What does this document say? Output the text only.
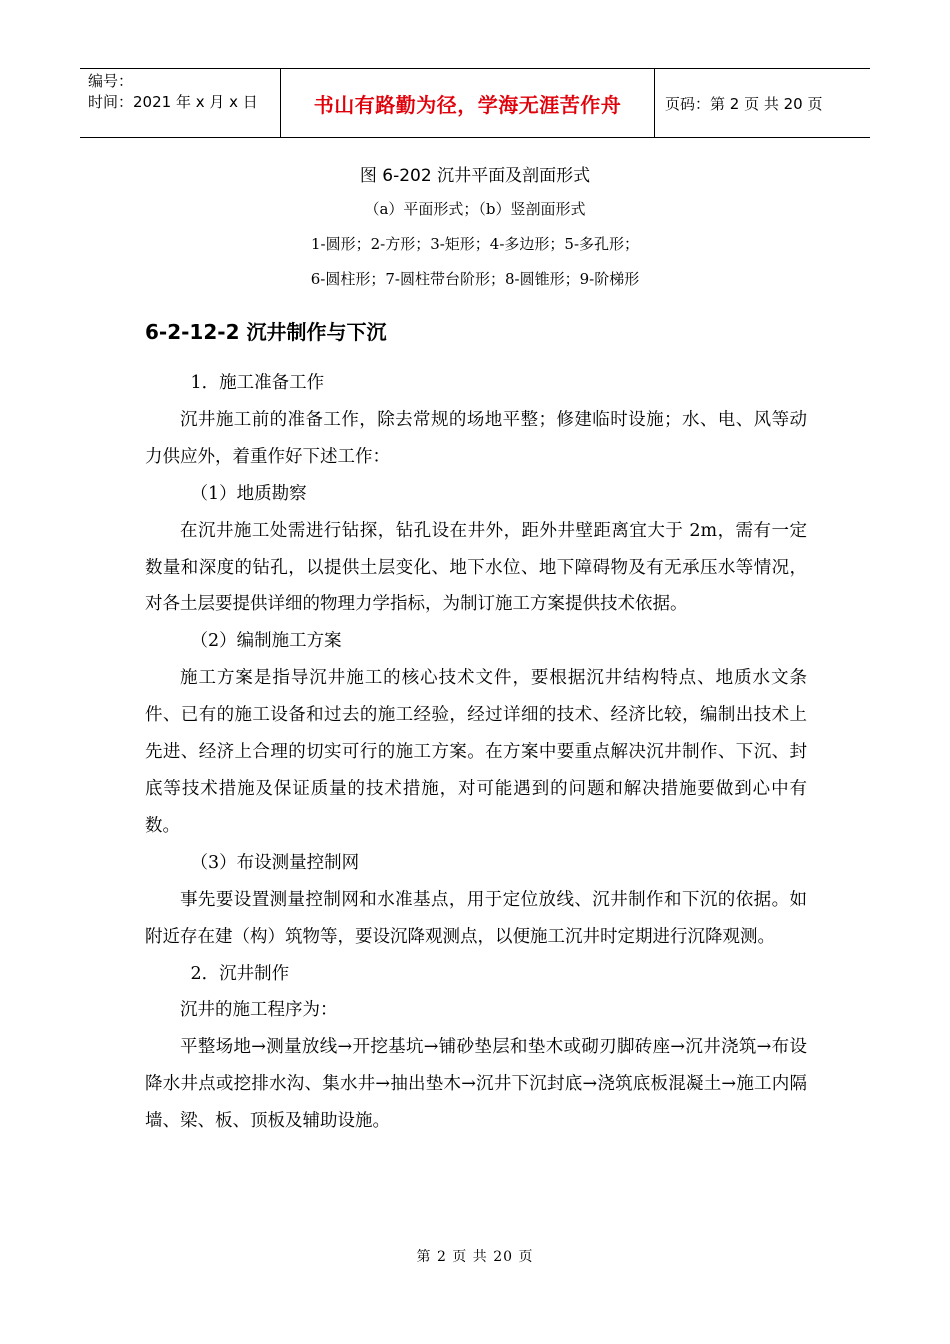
编号：
时间：2021 年 x 月 x 日	书山有路勤为径，学海无涯苦作舟	页码：第 2 页 共 20 页
图 6-202 沉井平面及剖面形式
（a）平面形式；（b）竖剖面形式
1-圆形；2-方形；3-矩形；4-多边形；5-多孔形；
6-圆柱形；7-圆柱带台阶形；8-圆锥形；9-阶梯形
6-2-12-2 沉井制作与下沉

1．施工准备工作

沉井施工前的准备工作，除去常规的场地平整；修建临时设施；水、电、风等动力供应外，着重作好下述工作：

（1）地质勘察

在沉井施工处需进行钻探，钻孔设在井外，距外井壁距离宜大于 2m，需有一定数量和深度的钻孔，以提供土层变化、地下水位、地下障碍物及有无承压水等情况，对各土层要提供详细的物理力学指标，为制订施工方案提供技术依据。

（2）编制施工方案

施工方案是指导沉井施工的核心技术文件，要根据沉井结构特点、地质水文条件、已有的施工设备和过去的施工经验，经过详细的技术、经济比较，编制出技术上先进、经济上合理的切实可行的施工方案。在方案中要重点解决沉井制作、下沉、封底等技术措施及保证质量的技术措施，对可能遇到的问题和解决措施要做到心中有数。

（3）布设测量控制网

事先要设置测量控制网和水准基点，用于定位放线、沉井制作和下沉的依据。如附近存在建（构）筑物等，要设沉降观测点，以便施工沉井时定期进行沉降观测。

2．沉井制作

沉井的施工程序为：

平整场地→测量放线→开挖基坑→铺砂垫层和垫木或砌刃脚砖座→沉井浇筑→布设降水井点或挖排水沟、集水井→抽出垫木→沉井下沉封底→浇筑底板混凝土→施工内隔墙、梁、板、顶板及辅助设施。

第 2 页 共 20 页
